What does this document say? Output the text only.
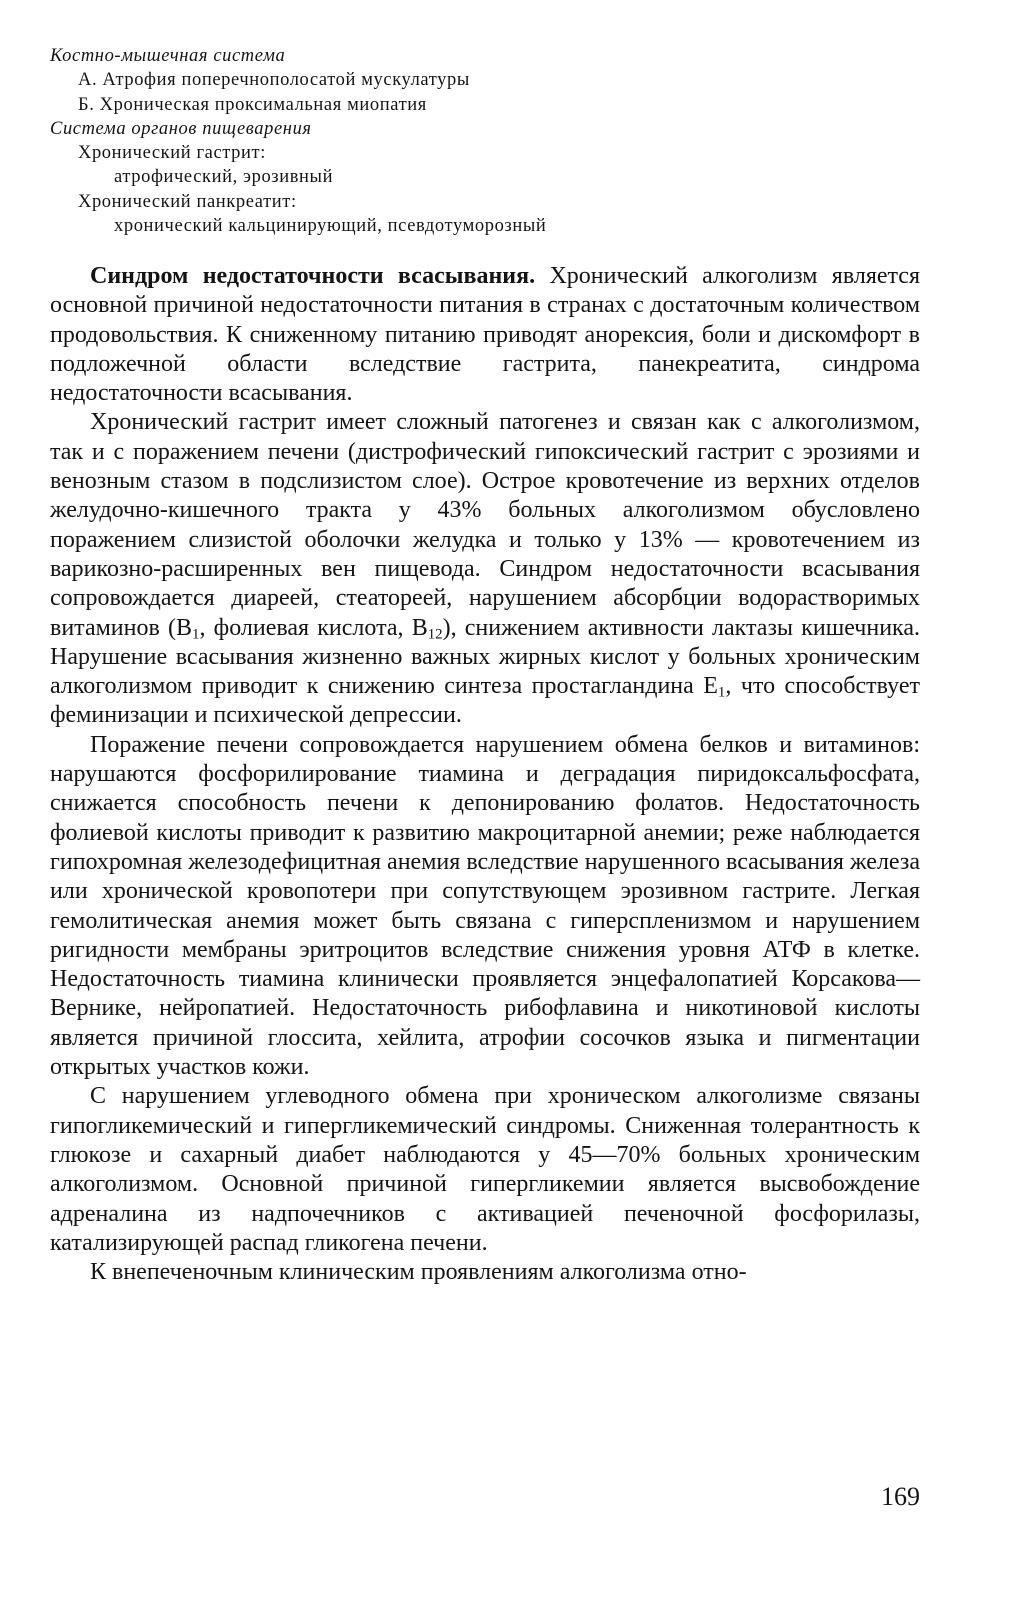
Костно-мышечная система
А. Атрофия поперечнополосатой мускулатуры
Б. Хроническая проксимальная миопатия
Система органов пищеварения
Хронический гастрит:
атрофический, эрозивный
Хронический панкреатит:
хронический кальцинирующий, псевдотуморозный

Синдром недостаточности всасывания. Хронический алкоголизм является основной причиной недостаточности питания в странах с достаточным количеством продовольствия. К сниженному питанию приводят анорексия, боли и дискомфорт в подложечной области вследствие гастрита, панекреатита, синдрома недостаточности всасывания.

Хронический гастрит имеет сложный патогенез и связан как с алкоголизмом, так и с поражением печени (дистрофический гипоксический гастрит с эрозиями и венозным стазом в подслизистом слое). Острое кровотечение из верхних отделов желудочно-кишечного тракта у 43% больных алкоголизмом обусловлено поражением слизистой оболочки желудка и только у 13% — кровотечением из варикозно-расширенных вен пищевода. Синдром недостаточности всасывания сопровождается диареей, стеатореей, нарушением абсорбции водорастворимых витаминов ($B_1$, фолиевая кислота, $B_{12}$), снижением активности лактазы кишечника. Нарушение всасывания жизненно важных жирных кислот у больных хроническим алкоголизмом приводит к снижению синтеза простагландина $E_1$, что способствует феминизации и психической депрессии.

Поражение печени сопровождается нарушением обмена белков и витаминов: нарушаются фосфорилирование тиамина и деградация пиридоксальфосфата, снижается способность печени к депонированию фолатов. Недостаточность фолиевой кислоты приводит к развитию макроцитарной анемии; реже наблюдается гипохромная железодефицитная анемия вследствие нарушенного всасывания железа или хронической кровопотери при сопутствующем эрозивном гастрите. Легкая гемолитическая анемия может быть связана с гиперспленизмом и нарушением ригидности мембраны эритроцитов вследствие снижения уровня АТФ в клетке. Недостаточность тиамина клинически проявляется энцефалопатией Корсакова—Вернике, нейропатией. Недостаточность рибофлавина и никотиновой кислоты является причиной глоссита, хейлита, атрофии сосочков языка и пигментации открытых участков кожи.

С нарушением углеводного обмена при хроническом алкоголизме связаны гипогликемический и гипергликемический синдромы. Сниженная толерантность к глюкозе и сахарный диабет наблюдаются у 45—70% больных хроническим алкоголизмом. Основной причиной гипергликемии является высвобождение адреналина из надпочечников с активацией печеночной фосфорилазы, катализирующей распад гликогена печени.

К внепеченочным клиническим проявлениям алкоголизма отно-

169
